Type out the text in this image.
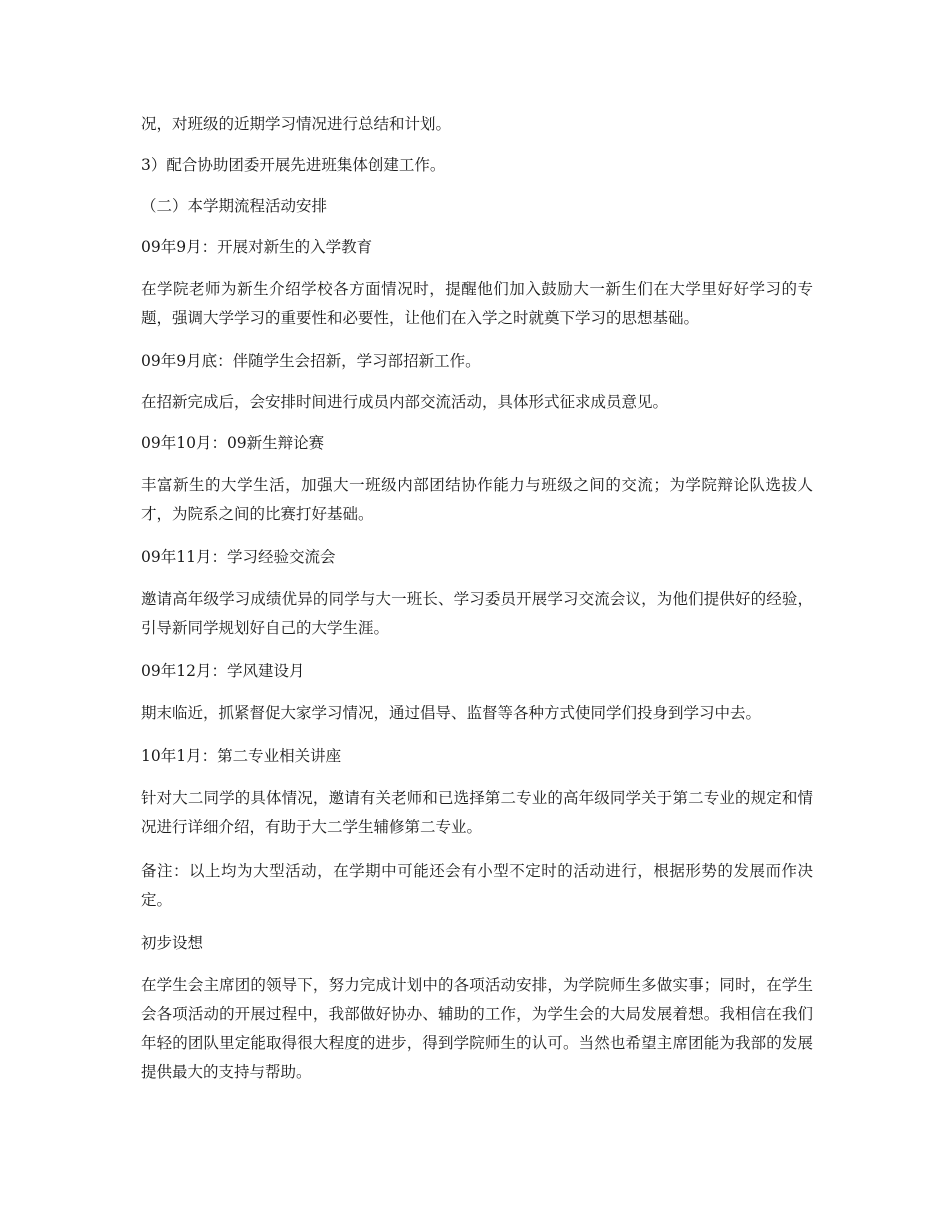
况，对班级的近期学习情况进行总结和计划。

3）配合协助团委开展先进班集体创建工作。

（二）本学期流程活动安排

09年9月：开展对新生的入学教育

在学院老师为新生介绍学校各方面情况时，提醒他们加入鼓励大一新生们在大学里好好学习的专题，强调大学学习的重要性和必要性，让他们在入学之时就奠下学习的思想基础。

09年9月底：伴随学生会招新，学习部招新工作。

在招新完成后，会安排时间进行成员内部交流活动，具体形式征求成员意见。

09年10月：09新生辩论赛

丰富新生的大学生活，加强大一班级内部团结协作能力与班级之间的交流；为学院辩论队选拔人才，为院系之间的比赛打好基础。

09年11月：学习经验交流会

邀请高年级学习成绩优异的同学与大一班长、学习委员开展学习交流会议，为他们提供好的经验，引导新同学规划好自己的大学生涯。

09年12月：学风建设月

期末临近，抓紧督促大家学习情况，通过倡导、监督等各种方式使同学们投身到学习中去。

10年1月：第二专业相关讲座

针对大二同学的具体情况，邀请有关老师和已选择第二专业的高年级同学关于第二专业的规定和情况进行详细介绍，有助于大二学生辅修第二专业。

备注：以上均为大型活动，在学期中可能还会有小型不定时的活动进行，根据形势的发展而作决定。

初步设想

在学生会主席团的领导下，努力完成计划中的各项活动安排，为学院师生多做实事；同时，在学生会各项活动的开展过程中，我部做好协办、辅助的工作，为学生会的大局发展着想。我相信在我们年轻的团队里定能取得很大程度的进步，得到学院师生的认可。当然也希望主席团能为我部的发展提供最大的支持与帮助。
